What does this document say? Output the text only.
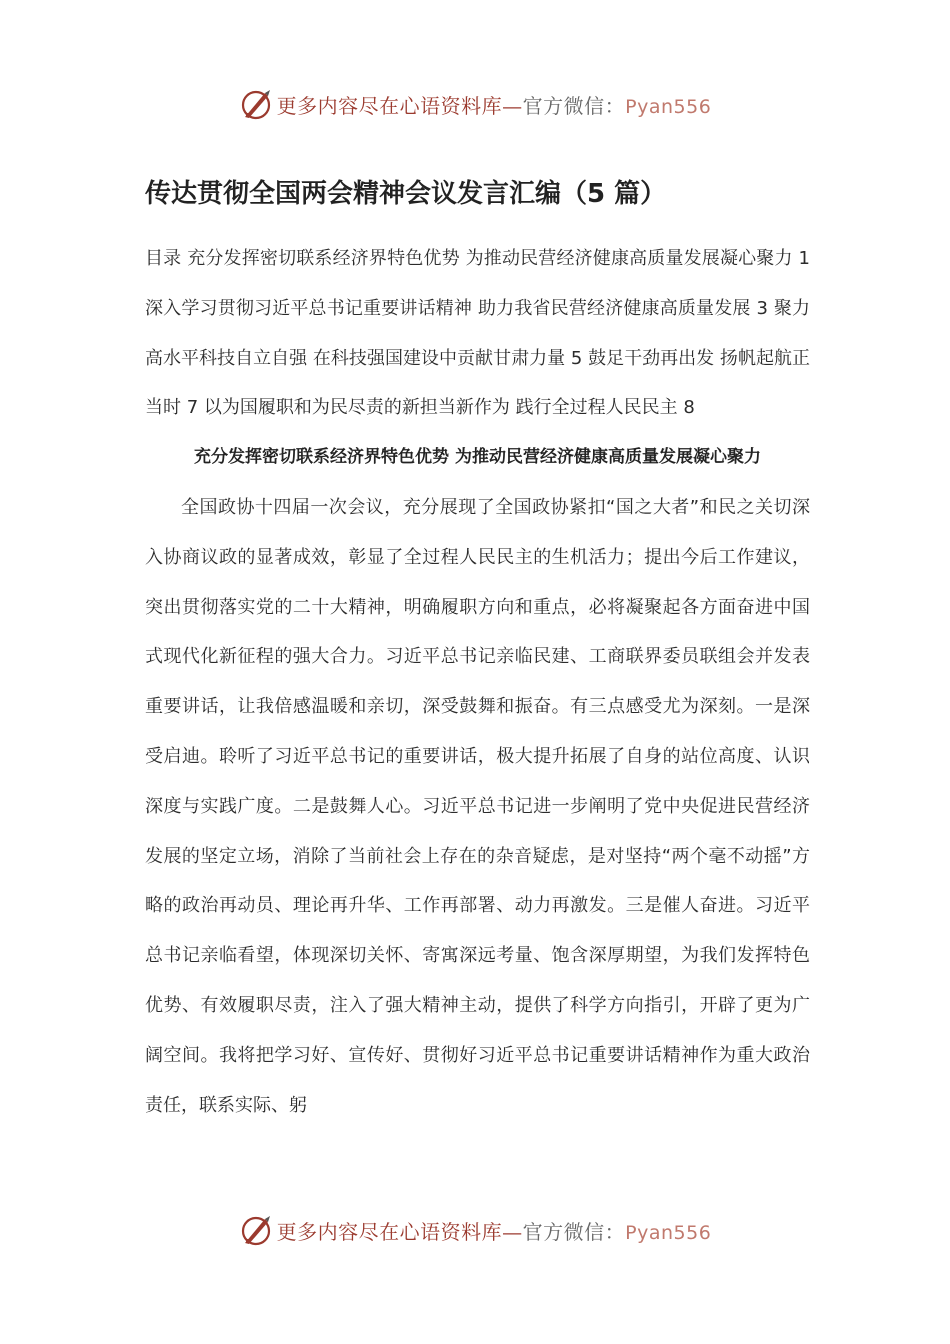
更多内容尽在心语资料库—官方微信：Pyan556
传达贯彻全国两会精神会议发言汇编（5 篇）

目录 充分发挥密切联系经济界特色优势 为推动民营经济健康高质量发展凝心聚力 1 深入学习贯彻习近平总书记重要讲话精神 助力我省民营经济健康高质量发展 3 聚力高水平科技自立自强 在科技强国建设中贡献甘肃力量 5 鼓足干劲再出发 扬帆起航正当时 7 以为国履职和为民尽责的新担当新作为 践行全过程人民民主 8

充分发挥密切联系经济界特色优势 为推动民营经济健康高质量发展凝心聚力

全国政协十四届一次会议，充分展现了全国政协紧扣“国之大者”和民之关切深入协商议政的显著成效，彰显了全过程人民民主的生机活力；提出今后工作建议，突出贯彻落实党的二十大精神，明确履职方向和重点，必将凝聚起各方面奋进中国式现代化新征程的强大合力。习近平总书记亲临民建、工商联界委员联组会并发表重要讲话，让我倍感温暖和亲切，深受鼓舞和振奋。有三点感受尤为深刻。一是深受启迪。聆听了习近平总书记的重要讲话，极大提升拓展了自身的站位高度、认识深度与实践广度。二是鼓舞人心。习近平总书记进一步阐明了党中央促进民营经济发展的坚定立场，消除了当前社会上存在的杂音疑虑，是对坚持“两个毫不动摇”方略的政治再动员、理论再升华、工作再部署、动力再激发。三是催人奋进。习近平总书记亲临看望，体现深切关怀、寄寓深远考量、饱含深厚期望，为我们发挥特色优势、有效履职尽责，注入了强大精神主动，提供了科学方向指引，开辟了更为广阔空间。我将把学习好、宣传好、贯彻好习近平总书记重要讲话精神作为重大政治责任，联系实际、躬

更多内容尽在心语资料库—官方微信：Pyan556
